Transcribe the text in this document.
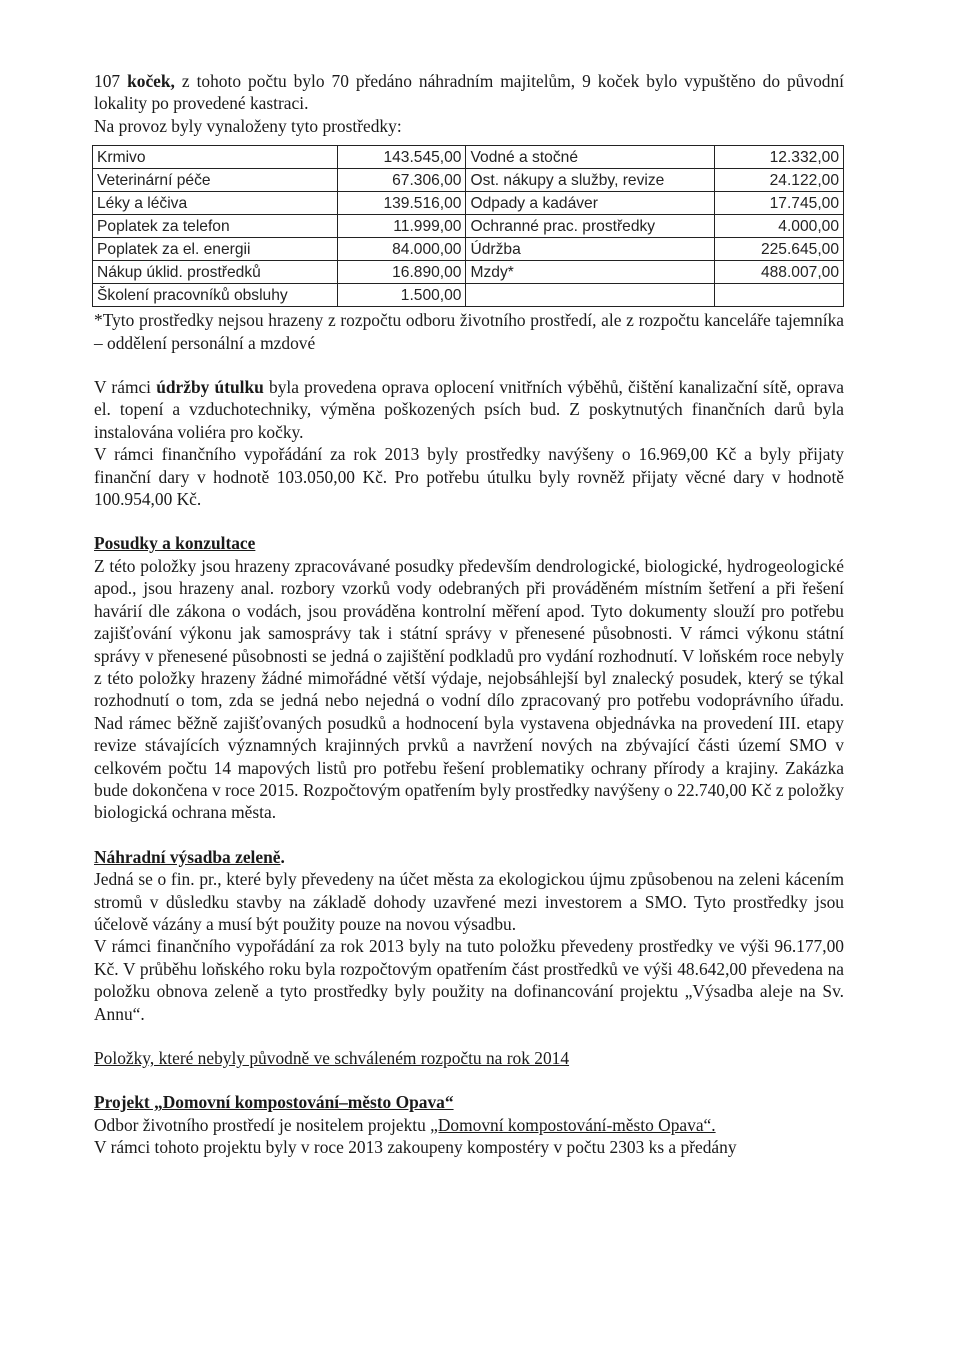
107 koček, z tohoto počtu bylo 70 předáno náhradním majitelům, 9 koček bylo vypuštěno do původní lokality po provedené kastraci.

Na provoz byly vynaloženy tyto prostředky:

Krmivo	143.545,00	Vodné a stočné	12.332,00
Veterinární péče	67.306,00	Ost. nákupy a služby, revize	24.122,00
Léky a léčiva	139.516,00	Odpady a kadáver	17.745,00
Poplatek za telefon	11.999,00	Ochranné prac. prostředky	4.000,00
Poplatek za el. energii	84.000,00	Údržba	225.645,00
Nákup úklid. prostředků	16.890,00	Mzdy*	488.007,00
Školení pracovníků obsluhy	1.500,00		

*Tyto prostředky nejsou hrazeny z rozpočtu odboru životního prostředí, ale z rozpočtu kanceláře tajemníka – oddělení personální a mzdové

V rámci údržby útulku byla provedena oprava oplocení vnitřních výběhů, čištění kanalizační sítě, oprava el. topení a vzduchotechniky, výměna poškozených psích bud. Z poskytnutých finančních darů byla instalována voliéra pro kočky.

V rámci finančního vypořádání za rok 2013 byly prostředky navýšeny o 16.969,00 Kč a byly přijaty finanční dary v hodnotě 103.050,00 Kč. Pro potřebu útulku byly rovněž přijaty věcné dary v hodnotě 100.954,00 Kč.

Posudky a konzultace

Z této položky jsou hrazeny zpracovávané posudky především dendrologické, biologické, hydrogeologické apod., jsou hrazeny anal. rozbory vzorků vody odebraných při prováděném místním šetření a při řešení havárií dle zákona o vodách, jsou prováděna kontrolní měření apod. Tyto dokumenty slouží pro potřebu zajišťování výkonu jak samosprávy tak i státní správy v přenesené působnosti. V rámci výkonu státní správy v přenesené působnosti se jedná o zajištění podkladů pro vydání rozhodnutí. V loňském roce nebyly z této položky hrazeny žádné mimořádné větší výdaje, nejobsáhlejší byl znalecký posudek, který se týkal rozhodnutí o tom, zda se jedná nebo nejedná o vodní dílo zpracovaný pro potřebu vodoprávního úřadu. Nad rámec běžně zajišťovaných posudků a hodnocení byla vystavena objednávka na provedení III. etapy revize stávajících významných krajinných prvků a navržení nových na zbývající části území SMO v celkovém počtu 14 mapových listů pro potřebu řešení problematiky ochrany přírody a krajiny. Zakázka bude dokončena v roce 2015. Rozpočtovým opatřením byly prostředky navýšeny o 22.740,00 Kč z položky biologická ochrana města.

Náhradní výsadba zeleně.

Jedná se o fin. pr., které byly převedeny na účet města za ekologickou újmu způsobenou na zeleni kácením stromů v důsledku stavby na základě dohody uzavřené mezi investorem a SMO. Tyto prostředky jsou účelově vázány a musí být použity pouze na novou výsadbu.

V rámci finančního vypořádání za rok 2013 byly na tuto položku převedeny prostředky ve výši 96.177,00 Kč. V průběhu loňského roku byla rozpočtovým opatřením část prostředků ve výši 48.642,00 převedena na položku obnova zeleně a tyto prostředky byly použity na dofinancování projektu „Výsadba aleje na Sv. Annu“.

Položky, které nebyly původně ve schváleném rozpočtu na rok 2014

Projekt „Domovní kompostování–město Opava“

Odbor životního prostředí je nositelem projektu „Domovní kompostování-město Opava“.

V rámci tohoto projektu byly v roce 2013 zakoupeny kompostéry v počtu 2303 ks a předány
